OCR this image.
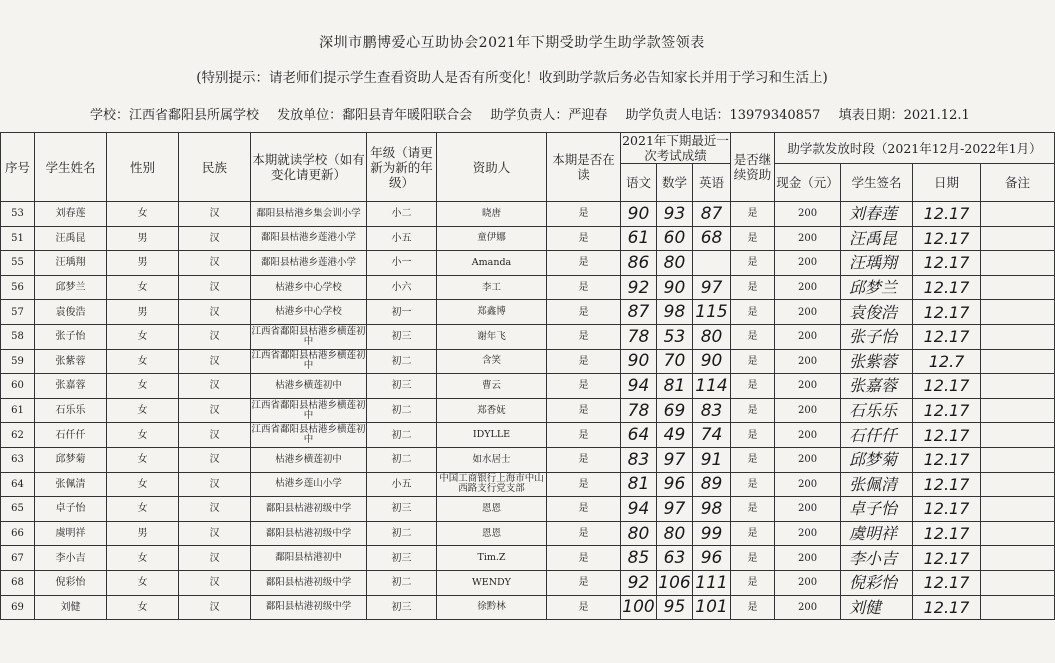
深圳市鹏博爱心互助协会2021年下期受助学生助学款签领表
(特别提示：请老师们提示学生查看资助人是否有所变化！收到助学款后务必告知家长并用于学习和生活上)
学校：江西省鄱阳县所属学校 发放单位：鄱阳县青年暖阳联合会 助学负责人：严迎春 助学负责人电话：13979340857 填表日期：2021.12.1
序号	学生姓名	性别	民族	本期就读学校（如有变化请更新）	年级（请更新为新的年级）	资助人	本期是否在读	2021年下期最近一次考试成绩			是否继续资助	助学款发放时段（2021年12月-2022年1月）			
								语文	数学	英语		现金（元）	学生签名	日期	备注
53	刘春莲	女	汉	鄱阳县枯港乡集会训小学	小二	晓唐	是	90	93	87	是	200	刘春莲	12.17	
51	汪禹昆	男	汉	鄱阳县枯港乡莲港小学	小五	童伊娜	是	61	60	68	是	200	汪禹昆	12.17	
55	汪瑀翔	男	汉	鄱阳县枯港乡莲港小学	小一	Amanda	是	86	80		是	200	汪瑀翔	12.17	
56	邱梦兰	女	汉	枯港乡中心学校	小六	李工	是	92	90	97	是	200	邱梦兰	12.17	
57	袁俊浩	男	汉	枯港乡中心学校	初一	郑鑫博	是	87	98	115	是	200	袁俊浩	12.17	
58	张子怡	女	汉	江西省鄱阳县枯港乡横莲初中	初三	谢年飞	是	78	53	80	是	200	张子怡	12.17	
59	张紫蓉	女	汉	江西省鄱阳县枯港乡横莲初中	初二	含笑	是	90	70	90	是	200	张紫蓉	12.7	
60	张嘉蓉	女	汉	枯港乡横莲初中	初三	曹云	是	94	81	114	是	200	张嘉蓉	12.17	
61	石乐乐	女	汉	江西省鄱阳县枯港乡横莲初中	初二	郑香妩	是	78	69	83	是	200	石乐乐	12.17	
62	石仟仟	女	汉	江西省鄱阳县枯港乡横莲初中	初二	IDYLLE	是	64	49	74	是	200	石仟仟	12.17	
63	邱梦菊	女	汉	枯港乡横莲初中	初二	如水居士	是	83	97	91	是	200	邱梦菊	12.17	
64	张佩清	女	汉	枯港乡莲山小学	小五	中国工商银行上海市中山西路支行党支部	是	81	96	89	是	200	张佩清	12.17	
65	卓子怡	女	汉	鄱阳县枯港初级中学	初三	恩恩	是	94	97	98	是	200	卓子怡	12.17	
66	虞明祥	男	汉	鄱阳县枯港初级中学	初二	恩恩	是	80	80	99	是	200	虞明祥	12.17	
67	李小吉	女	汉	鄱阳县枯港初中	初三	Tim.Z	是	85	63	96	是	200	李小吉	12.17	
68	倪彩怡	女	汉	鄱阳县枯港初级中学	初二	WENDY	是	92	106	111	是	200	倪彩怡	12.17	
69	刘健	女	汉	鄱阳县枯港初级中学	初三	徐黔林	是	100	95	101	是	200	刘健	12.17	
